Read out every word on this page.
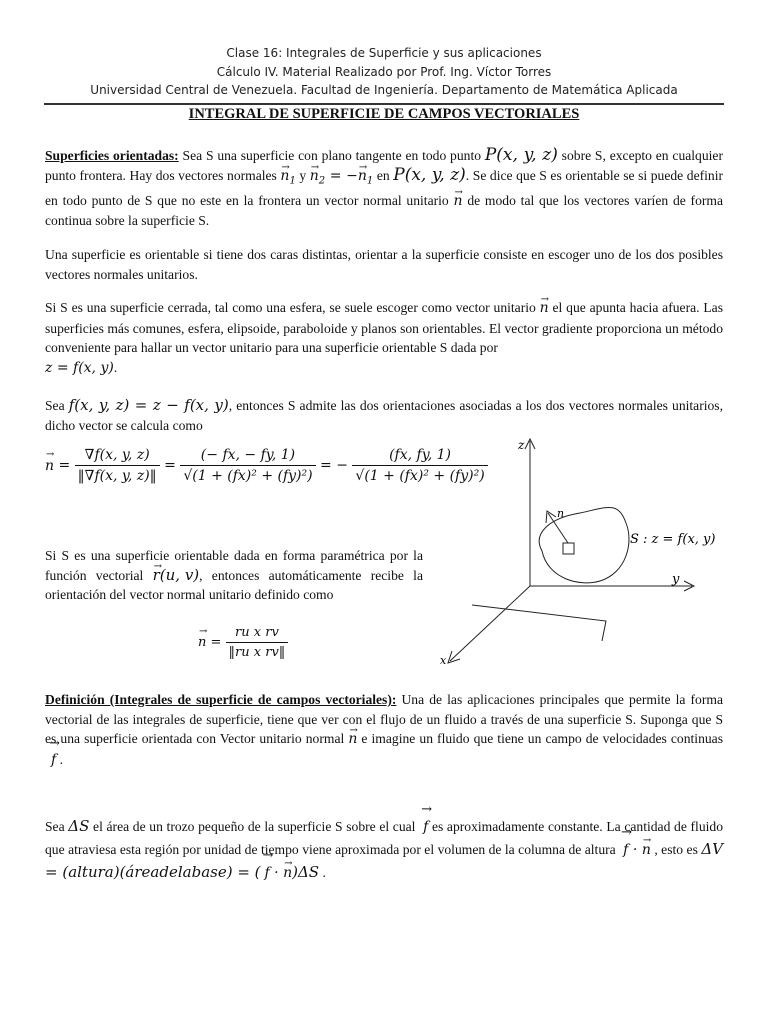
Clase 16: Integrales de Superficie y sus aplicaciones
Cálculo IV. Material Realizado por Prof. Ing. Víctor Torres
Universidad Central de Venezuela. Facultad de Ingeniería. Departamento de Matemática Aplicada
INTEGRAL DE SUPERFICIE DE CAMPOS VECTORIALES

Superficies orientadas: Sea S una superficie con plano tangente en todo punto P(x, y, z) sobre S, excepto en cualquier punto frontera. Hay dos vectores normales → $n_1$ $y \to n_2$ = −→ $n_1$ en P(x, y, z). Se dice que S es orientable se si puede definir en todo punto de S que no este en la frontera un vector normal unitario → n de modo tal que los vectores varíen de forma continua sobre la superficie S.

Una superficie es orientable si tiene dos caras distintas, orientar a la superficie consiste en escoger uno de los dos posibles vectores normales unitarios.

Si S es una superficie cerrada, tal como una esfera, se suele escoger como vector unitario → n el que apunta hacia afuera. Las superficies más comunes, esfera, elipsoide, paraboloide y planos son orientables. El vector gradiente proporciona un método conveniente para hallar un vector unitario para una superficie orientable S dada por
z = f(x, y).

Sea f(x, y, z) = z − f(x, y), entonces S admite las dos orientaciones asociadas a los dos vectores normales unitarios, dicho vector se calcula como

→ $n = \frac{\nabla f(x, y, z)}{‖\nabla f(x, y, z)‖} = \frac{(- fx, - fy, 1)}{\text{√(1 + (fx)² + (fy)²)}}$ = − $\frac{(fx, fy, 1)}{\text{√(1 + (fx)² + (fy)²)}}$

Si S es una superficie orientable dada en forma paramétrica por la función vectorial → r(u, v), entonces automáticamente recibe la orientación del vector normal unitario definido como

→ $n = \frac{\text{ru x rv}}{\text{‖ru x rv‖}}$
z
y
x
n
S : z = f(x, y)

Definición (Integrales de superficie de campos vectoriales): Una de las aplicaciones principales que permite la forma vectorial de las integrales de superficie, tiene que ver con el flujo de un fluido a través de una superficie S. Suponga que S es una superficie orientada con Vector unitario normal → n e imagine un fluido que tiene un campo de velocidades continuas → f .

Sea ΔS el área de un trozo pequeño de la superficie S sobre el cual → f es aproximadamente constante. La cantidad de fluido que atraviesa esta región por unidad de tiempo viene aproximada por el volumen de la columna de altura → f · → n , esto es ΔV = (altura)(áreadelabase) = (→ f · → n)ΔS .
